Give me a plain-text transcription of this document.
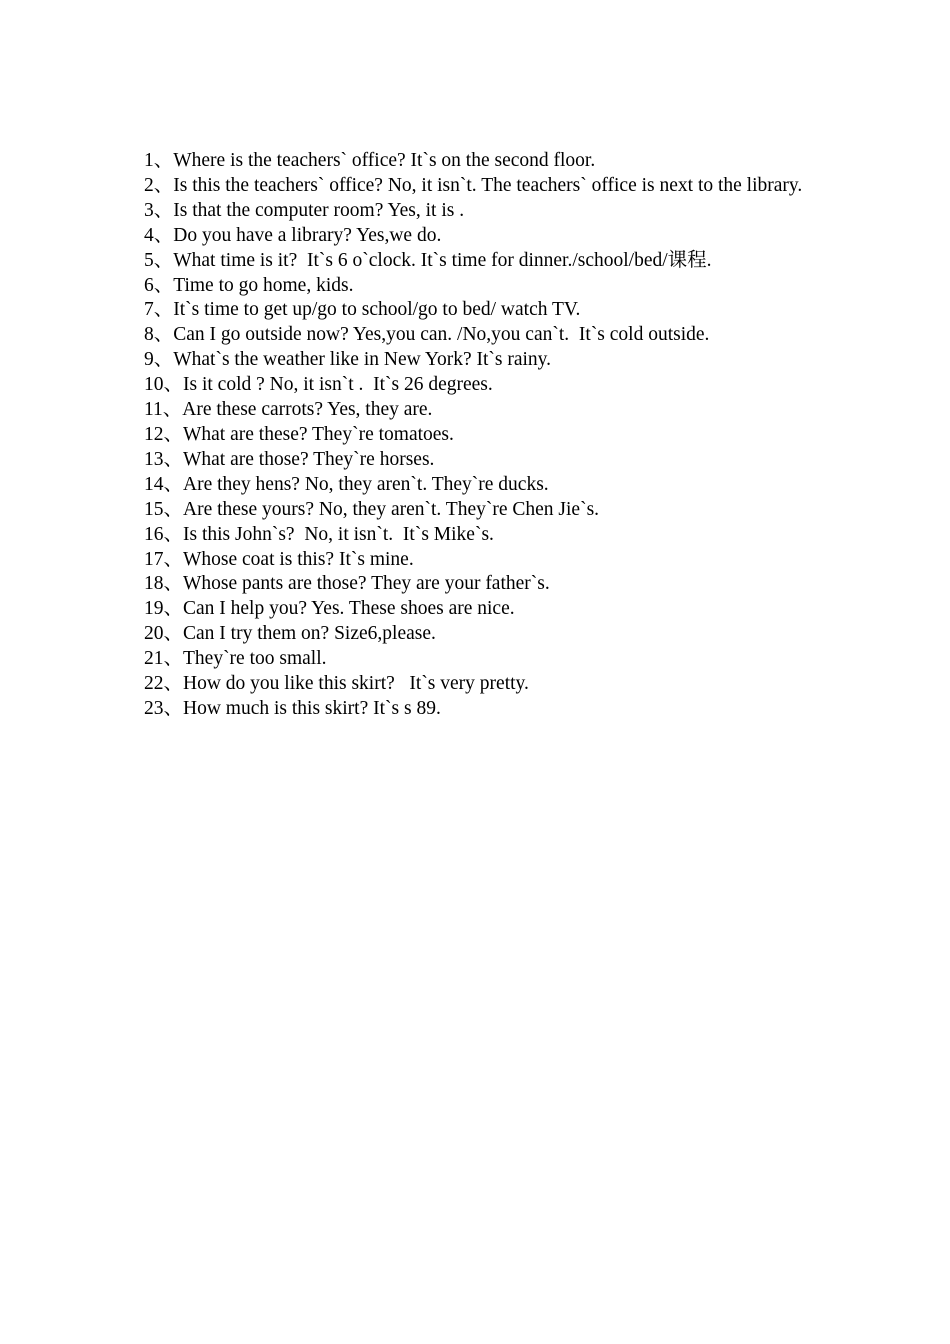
1、Where is the teachers` office? It`s on the second floor.

2、Is this the teachers` office? No, it isn`t. The teachers` office is next to the library.

3、Is that the computer room? Yes, it is .

4、Do you have a library? Yes,we do.

5、What time is it?  It`s 6 o`clock. It`s time for dinner./school/bed/课程.

6、Time to go home, kids.

7、It`s time to get up/go to school/go to bed/ watch TV.

8、Can I go outside now? Yes,you can. /No,you can`t.  It`s cold outside.

9、What`s the weather like in New York? It`s rainy.

10、Is it cold ? No, it isn`t .  It`s 26 degrees.

11、Are these carrots? Yes, they are.

12、What are these? They`re tomatoes.

13、What are those? They`re horses.

14、Are they hens? No, they aren`t. They`re ducks.

15、Are these yours? No, they aren`t. They`re Chen Jie`s.

16、Is this John`s?  No, it isn`t.  It`s Mike`s.

17、Whose coat is this? It`s mine.

18、Whose pants are those? They are your father`s.

19、Can I help you? Yes. These shoes are nice.

20、Can I try them on? Size6,please.

21、They`re too small.

22、How do you like this skirt?   It`s very pretty.

23、How much is this skirt? It`s s 89.
